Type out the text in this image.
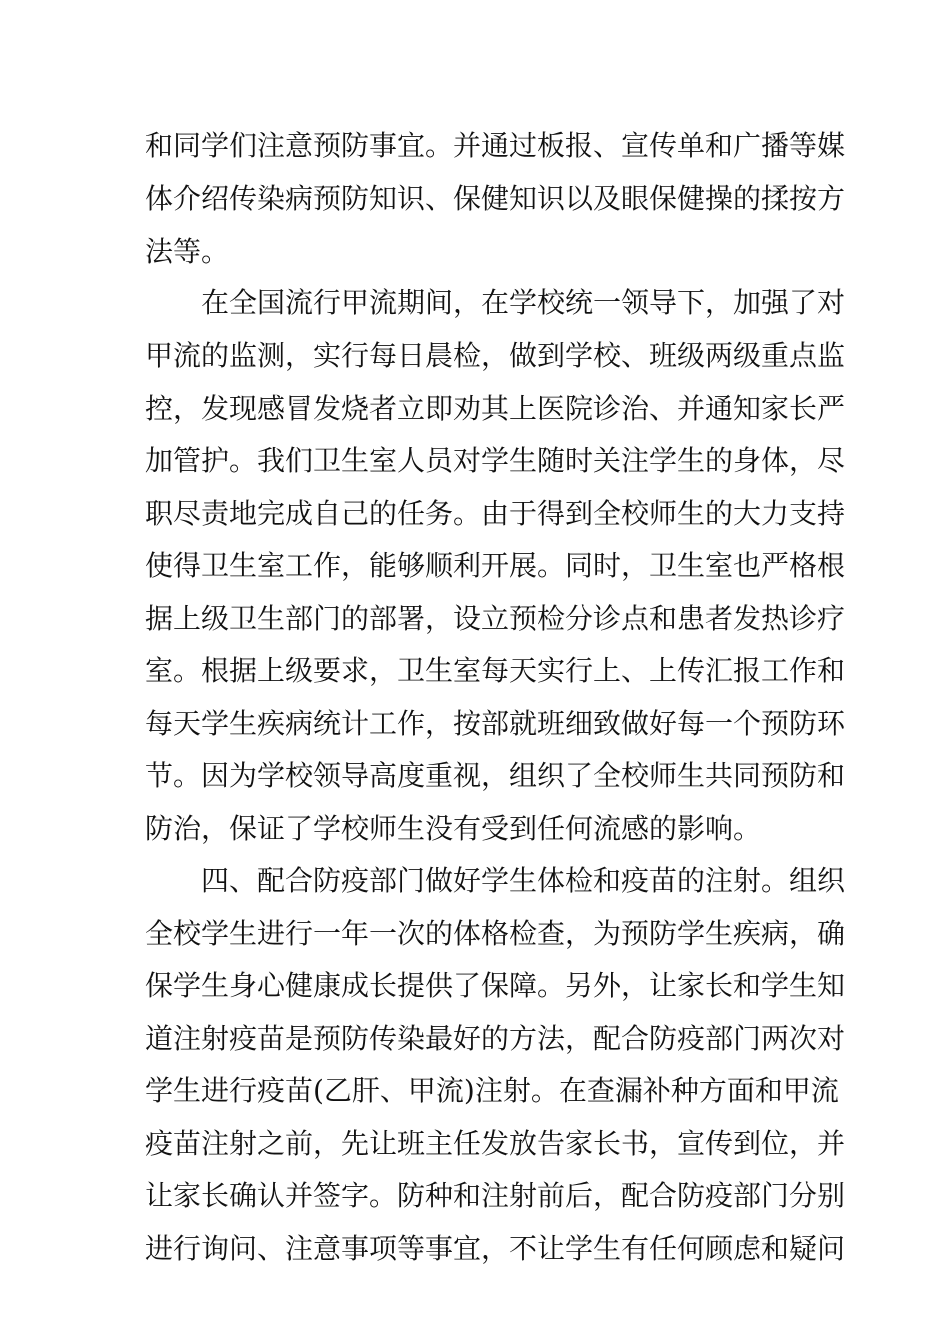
和同学们注意预防事宜。并通过板报、宣传单和广播等媒
体介绍传染病预防知识、保健知识以及眼保健操的揉按方
法等。
在全国流行甲流期间，在学校统一领导下，加强了对
甲流的监测，实行每日晨检，做到学校、班级两级重点监
控，发现感冒发烧者立即劝其上医院诊治、并通知家长严
加管护。我们卫生室人员对学生随时关注学生的身体，尽
职尽责地完成自己的任务。由于得到全校师生的大力支持
使得卫生室工作，能够顺利开展。同时，卫生室也严格根
据上级卫生部门的部署，设立预检分诊点和患者发热诊疗
室。根据上级要求，卫生室每天实行上、上传汇报工作和
每天学生疾病统计工作，按部就班细致做好每一个预防环
节。因为学校领导高度重视，组织了全校师生共同预防和
防治，保证了学校师生没有受到任何流感的影响。
四、配合防疫部门做好学生体检和疫苗的注射。组织
全校学生进行一年一次的体格检查，为预防学生疾病，确
保学生身心健康成长提供了保障。另外，让家长和学生知
道注射疫苗是预防传染最好的方法，配合防疫部门两次对
学生进行疫苗(乙肝、甲流)注射。在查漏补种方面和甲流
疫苗注射之前，先让班主任发放告家长书，宣传到位，并
让家长确认并签字。防种和注射前后，配合防疫部门分别
进行询问、注意事项等事宜，不让学生有任何顾虑和疑问
